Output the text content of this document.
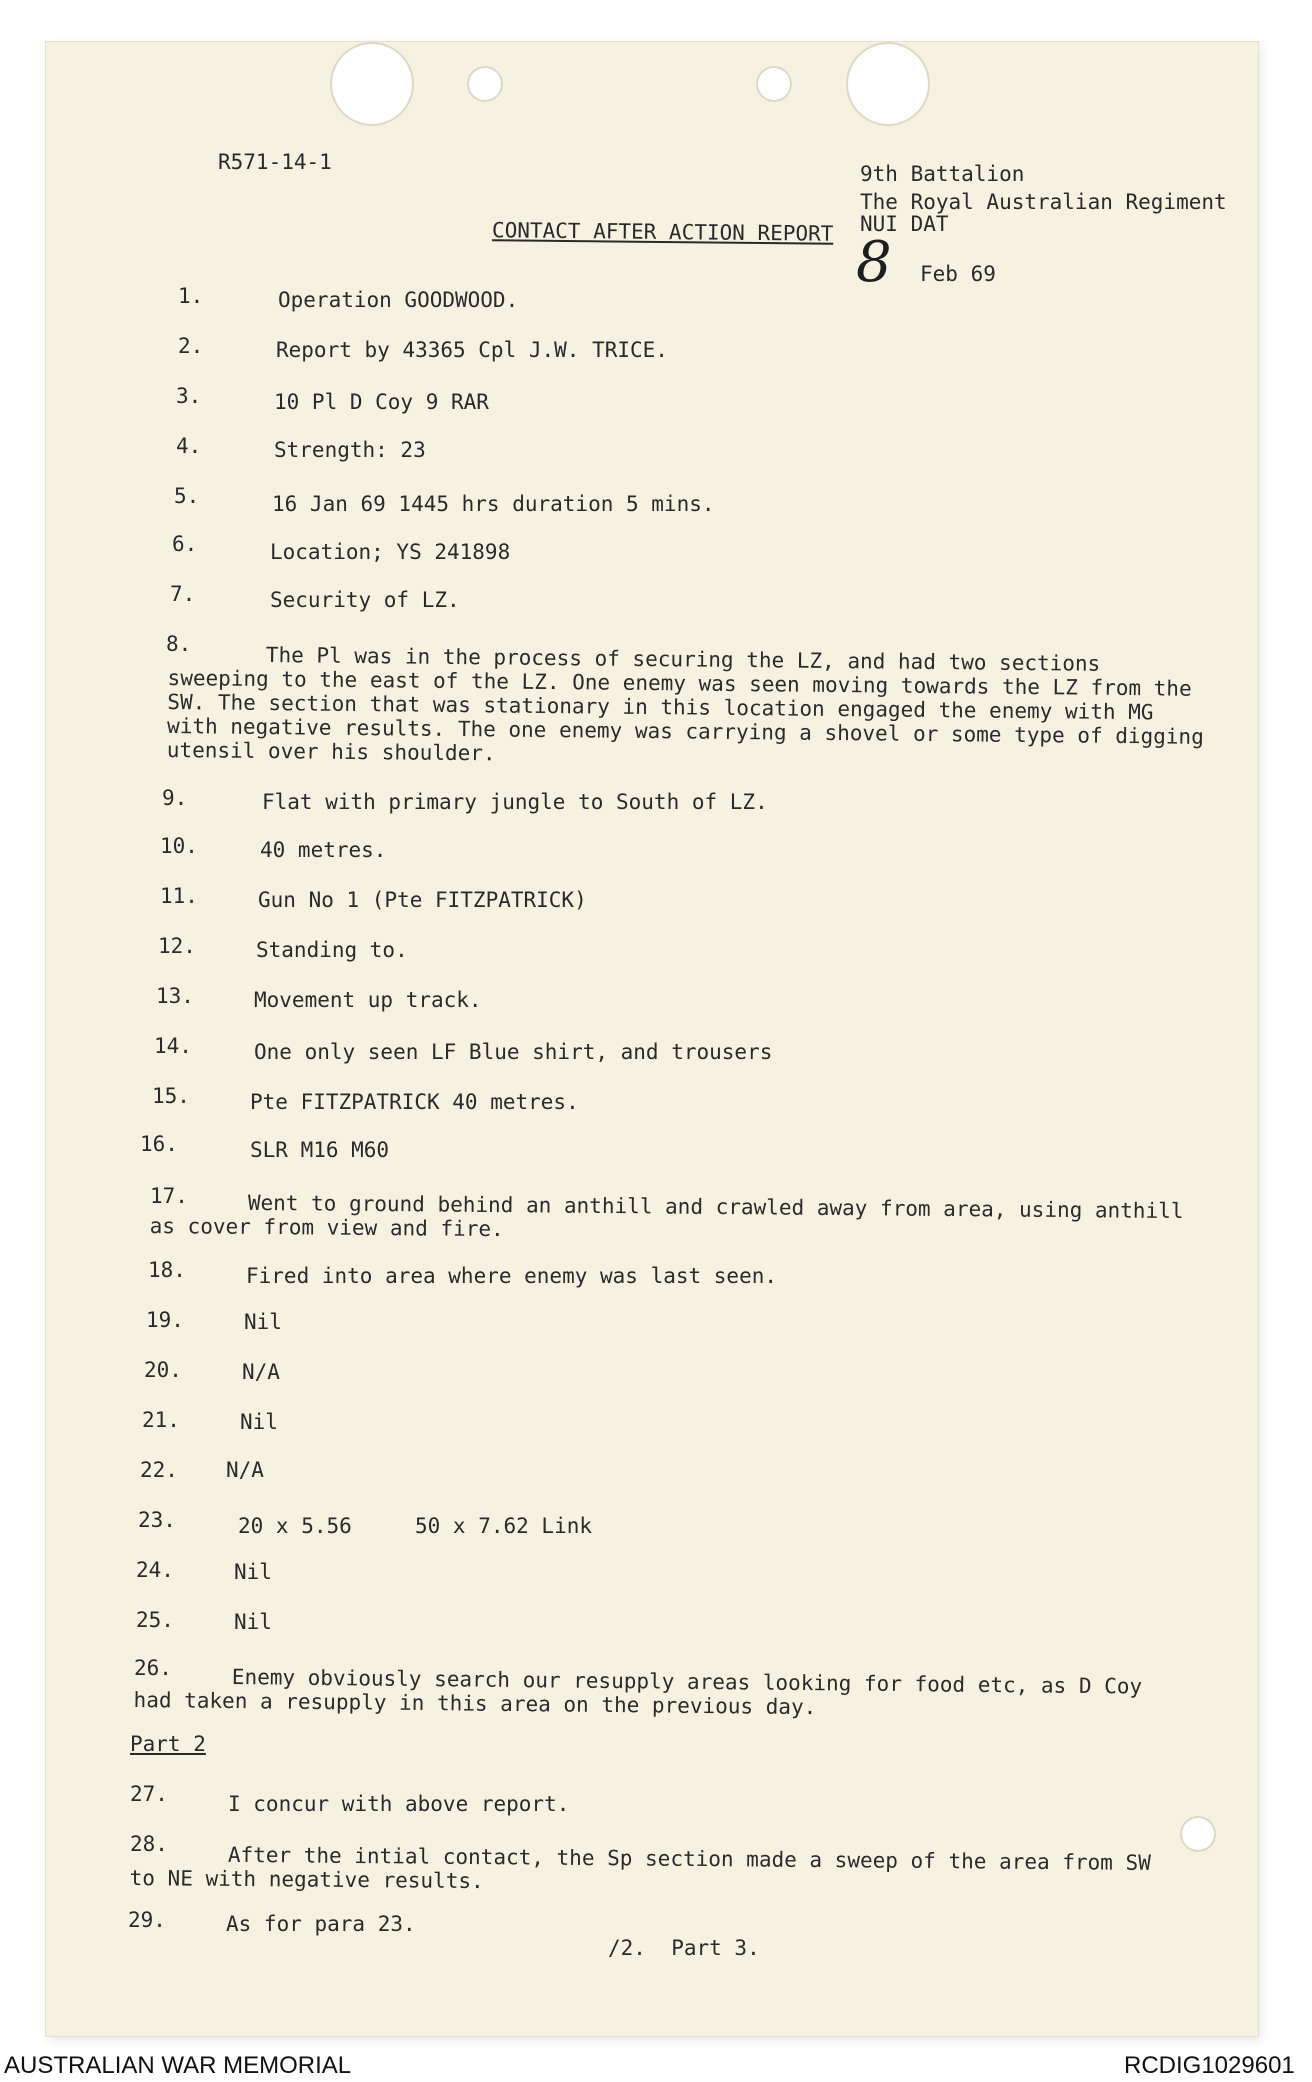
R571-14-1	9th Battalion
The Royal Australian Regiment
NUI DAT
8 Feb 69
CONTACT AFTER ACTION REPORT
1.	Operation GOODWOOD.
2.	Report by 43365 Cpl J.W. TRICE.
3.	10 Pl D Coy 9 RAR
4.	Strength: 23
5.	16 Jan 69 1445 hrs duration 5 mins.
6.	Location; YS 241898
7.	Security of LZ.
8.	The Pl was in the process of securing the LZ, and had two sections sweeping to the east of the LZ. One enemy was seen moving towards the LZ from the SW. The section that was stationary in this location engaged the enemy with MG with negative results. The one enemy was carrying a shovel or some type of digging utensil over his shoulder.
9.	Flat with primary jungle to South of LZ.
10.	40 metres.
11.	Gun No 1 (Pte FITZPATRICK)
12.	Standing to.
13.	Movement up track.
14.	One only seen LF Blue shirt, and trousers
15.	Pte FITZPATRICK 40 metres.
16.	SLR M16 M60
17.	Went to ground behind an anthill and crawled away from area, using anthill as cover from view and fire.
18.	Fired into area where enemy was last seen.
19.	Nil
20.	N/A
21.	Nil
22. N/A
23.	20 x 5.56     50 x 7.62 Link
24.	Nil
25.	Nil
26.	Enemy obviously search our resupply areas looking for food etc, as D Coy had taken a resupply in this area on the previous day.
Part 2
27.	I concur with above report.
28.	After the intial contact, the Sp section made a sweep of the area from SW to NE with negative results.
29.	As for para 23.
/2.  Part 3.
AUSTRALIAN WAR MEMORIAL	RCDIG1029601
